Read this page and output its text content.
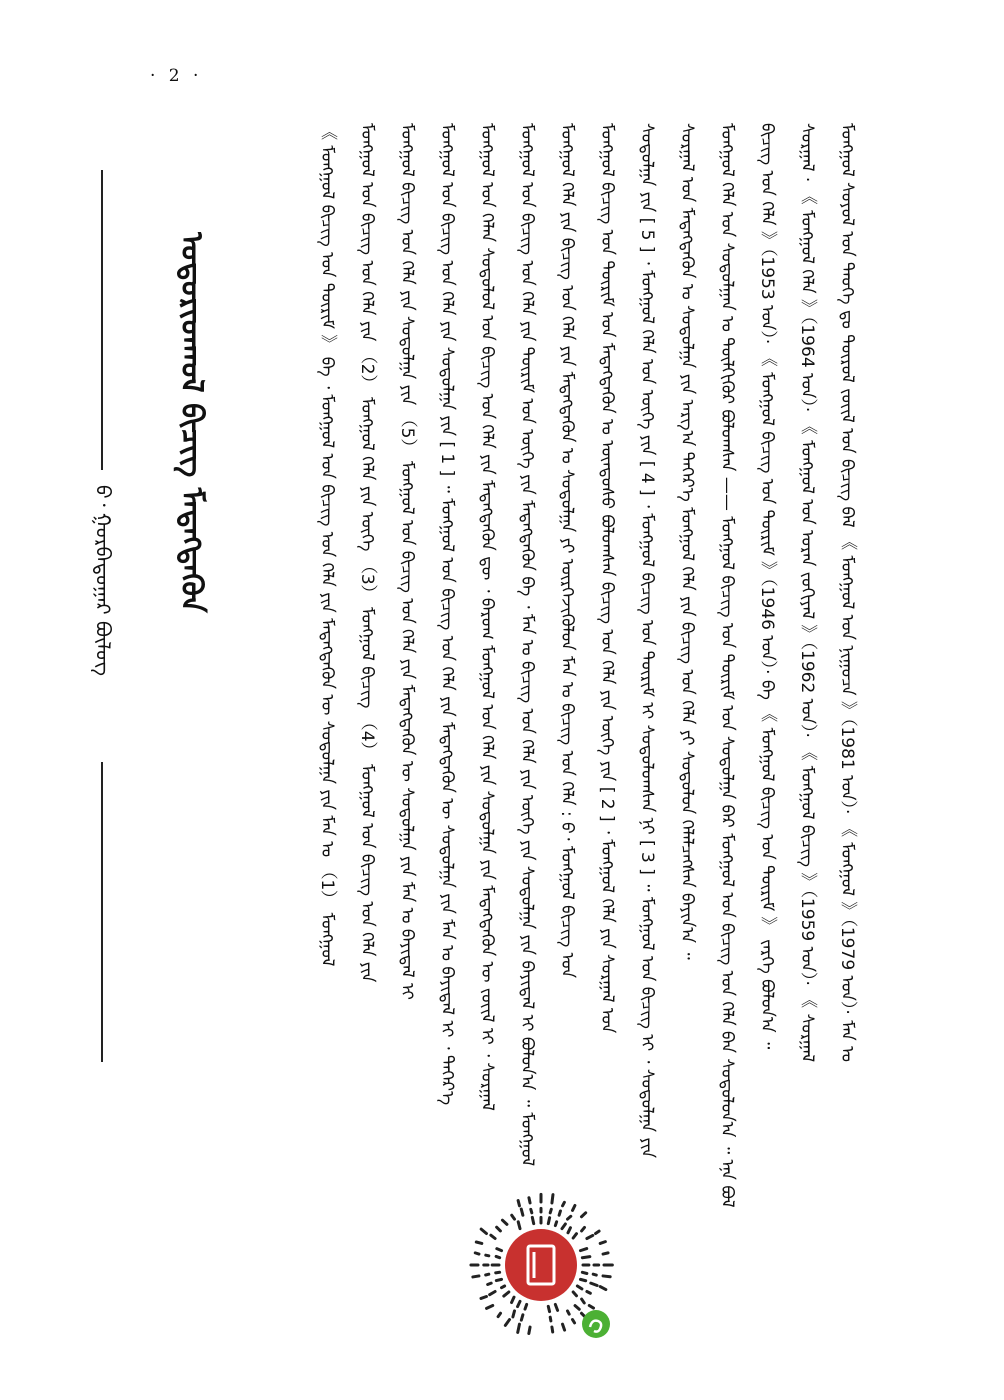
· 2 ·
ᠪ᠂ ᠭᠤᠷᠪᠠᠳᠤᠭᠠᠷ ᠪᠦᠯᠦᠭ	ᠤᠳᠤᠷᠢᠳᠬᠤᠯ ᠪᠢᠴᠢᠭ ᠮᠡᠳᠡᠭᠳᠡᠬᠦᠨ	《 ᠮᠣᠩᠭᠣᠯ ᠪᠢᠴᠢᠭ ᠤᠨ ᠳᠦᠷᠢᠮ 》 ᠪᠠ ᠂ ᠮᠣᠩᠭᠣᠯ ᠤᠨ ᠪᠢᠴᠢᠭ ᠤᠨ ᠬᠡᠯᠡ ᠶᠢᠨ ᠮᠡᠳᠡᠭᠳᠡᠬᠦᠨ ᠦ ᠰᠤᠳᠤᠯᠭᠠ ᠶᠢᠨ ᠮᠠᠨ ᠤ （1） ᠮᠣᠩᠭᠣᠯ ᠮᠣᠩᠭᠣᠯ ᠤᠨ ᠪᠢᠴᠢᠭ ᠤᠨ ᠬᠡᠯᠡ ᠶᠢᠨ （2） ᠮᠣᠩᠭᠣᠯ ᠬᠡᠯᠡ ᠶᠢᠨ ᠦᠭᠡ （3） ᠮᠣᠩᠭᠣᠯ ᠪᠢᠴᠢᠭ （4） ᠮᠣᠩᠭᠣᠯ ᠤᠨ ᠪᠢᠴᠢᠭ ᠤᠨ ᠬᠡᠯᠡ ᠶᠢᠨ ᠮᠣᠩᠭᠣᠯ ᠪᠢᠴᠢᠭ ᠤᠨ ᠬᠡᠯᠡ ᠶᠢᠨ ᠰᠤᠳᠤᠯᠭᠠ ᠶᠢᠨ （5） ᠮᠣᠩᠭᠣᠯ ᠤᠨ ᠪᠢᠴᠢᠭ ᠤᠨ ᠬᠡᠯᠡ ᠶᠢᠨ ᠮᠡᠳᠡᠭᠳᠡᠬᠦᠨ ᠦ ᠰᠤᠳᠤᠯᠭᠠ ᠶᠢᠨ ᠮᠠᠨ ᠤ ᠪᠠᠶᠢᠳᠠᠯ ᠢ ᠮᠣᠩᠭᠣᠯ ᠤᠨ ᠪᠢᠴᠢᠭ ᠤᠨ ᠬᠡᠯᠡ ᠶᠢᠨ ᠰᠤᠳᠤᠯᠭᠠ ᠶᠢᠨ [ 1 ] ᠃ ᠮᠣᠩᠭᠣᠯ ᠤᠨ ᠪᠢᠴᠢᠭ ᠤᠨ ᠬᠡᠯᠡ ᠶᠢᠨ ᠮᠡᠳᠡᠭᠳᠡᠬᠦᠨ ᠦ ᠰᠤᠳᠤᠯᠭᠠ ᠶᠢᠨ ᠮᠠᠨ ᠤ ᠪᠠᠶᠢᠳᠠᠯ ᠢ ᠂ ᠳᠡᠭᠡᠷ᠎ᠡ ᠮᠣᠩᠭᠣᠯ ᠤᠨ ᠬᠡᠯᠡᠨ ᠰᠤᠳᠤᠯᠤᠯ ᠤᠨ ᠪᠢᠴᠢᠭ ᠤᠨ ᠬᠡᠯᠡ ᠶᠢᠨ ᠮᠡᠳᠡᠭᠳᠡᠬᠦᠨ ᠳᠦ ᠂ ᠪᠠᠷᠤᠭ ᠮᠣᠩᠭᠣᠯ ᠤᠨ ᠬᠡᠯᠡ ᠶᠢᠨ ᠰᠤᠳᠤᠯᠭᠠ ᠶᠢᠨ ᠮᠡᠳᠡᠭᠳᠡᠬᠦᠨ ᠦ ᠵᠦᠢᠯ ᠢ ᠂ ᠰᠤᠷᠭᠠᠯ ᠮᠣᠩᠭᠣᠯ ᠤᠨ ᠪᠢᠴᠢᠭ ᠤᠨ ᠬᠡᠯᠡ ᠶᠢᠨ ᠳᠦᠷᠢᠮ ᠤᠨ ᠦᠭᠡ ᠶᠢᠨ ᠮᠡᠳᠡᠭᠳᠡᠬᠦᠨ ᠪᠠ ᠂ ᠮᠠᠨ ᠤ ᠪᠢᠴᠢᠭ ᠤᠨ ᠬᠡᠯᠡ ᠶᠢᠨ ᠦᠭᠡ ᠶᠢᠨ ᠰᠤᠳᠤᠯᠭᠠ ᠶᠢᠨ ᠪᠠᠶᠢᠳᠠᠯ ᠢ ᠪᠣᠯᠤᠨ᠎ᠠ ᠃ ᠮᠣᠩᠭᠣᠯ ᠮᠣᠩᠭᠣᠯ ᠬᠡᠯᠡ ᠶᠢᠨ ᠪᠢᠴᠢᠭ ᠤᠨ ᠬᠡᠯᠡ ᠶᠢᠨ ᠮᠡᠳᠡᠭᠳᠡᠬᠦᠨ ᠤ ᠰᠤᠳᠤᠯᠭᠠ ᠶᠢ ᠦᠷᠭᠡᠵᠢᠭᠦᠯᠦᠨ ᠮᠠᠨ ᠤ ᠪᠢᠴᠢᠭ ᠤᠨ ᠬᠡᠯᠡ : ᠪ᠂ ᠮᠣᠩᠭᠣᠯ ᠪᠢᠴᠢᠭ ᠤᠨ ᠮᠣᠩᠭᠣᠯ ᠪᠢᠴᠢᠭ ᠤᠨ ᠳᠦᠷᠢᠮ ᠤᠨ ᠮᠡᠳᠡᠭᠳᠡᠬᠦᠨ ᠤ ᠦᠨᠳᠦᠰᠦ ᠪᠣᠯᠤᠭᠰᠠᠨ ᠪᠢᠴᠢᠭ ᠤᠨ ᠬᠡᠯᠡ ᠶᠢᠨ ᠦᠭᠡ ᠶᠢᠨ [ 2 ] ᠂ ᠮᠣᠩᠭᠣᠯ ᠬᠡᠯᠡ ᠶᠢᠨ ᠰᠤᠷᠭᠠᠯ ᠤᠨ ᠰᠤᠳᠤᠯᠭᠠ ᠶᠢᠨ [ 5 ] ᠂ ᠮᠣᠩᠭᠣᠯ ᠬᠡᠯᠡ ᠤᠨ ᠦᠭᠡ ᠶᠢᠨ [ 4 ] ᠂ ᠮᠣᠩᠭᠣᠯ ᠪᠢᠴᠢᠭ ᠤᠨ ᠳᠦᠷᠢᠮ ᠢ ᠰᠤᠳᠤᠯᠤᠭᠰᠠᠨ ᠨᠢ [ 3 ] ᠃ ᠮᠣᠩᠭᠣᠯ ᠤᠨ ᠪᠢᠴᠢᠭ ᠢ ᠂ ᠰᠤᠳᠤᠯᠭᠠ ᠶᠢᠨ ᠰᠤᠷᠭᠠᠯ ᠤᠨ ᠮᠡᠳᠡᠭᠳᠡᠬᠦᠨ ᠤ ᠰᠤᠳᠤᠯᠭᠠ ᠶᠢᠨ ᠠᠷᠭ᠎ᠠ ᠳᠡᠭᠡᠷ᠎ᠡ ᠮᠣᠩᠭᠣᠯ ᠬᠡᠯᠡ ᠶᠢᠨ ᠪᠢᠴᠢᠭ ᠤᠨ ᠬᠡᠯᠡ ᠶᠢ ᠰᠤᠳᠤᠯᠤᠨ ᠬᠡᠯᠡᠯᠴᠡᠭᠰᠡᠨ ᠪᠠᠶᠢᠨ᠎ᠠ ᠃ ᠮᠣᠩᠭᠣᠯ ᠬᠡᠯᠡ ᠤᠨ ᠰᠤᠳᠤᠯᠭᠠᠨ ᠤ ᠲᠦᠯᠬᠢᠭᠦᠷ ᠪᠣᠯᠤᠭᠰᠠᠨ —— ᠮᠣᠩᠭᠣᠯ ᠪᠢᠴᠢᠭ ᠤᠨ ᠳᠦᠷᠢᠮ ᠤᠨ ᠰᠤᠳᠤᠯᠭᠠ ᠪᠡᠷ ᠮᠣᠩᠭᠣᠯ ᠤᠨ ᠪᠢᠴᠢᠭ ᠤᠨ ᠬᠡᠯᠡ ᠪᠡᠨ ᠰᠤᠳᠤᠯᠤᠨ᠎ᠠ ᠃ ᠡᠨᠡ ᠪᠤᠯ ᠪᠢᠴᠢᠭ ᠤᠨ ᠬᠡᠯᠡ 》（1953 ᠣᠨ）· 《 ᠮᠣᠩᠭᠣᠯ ᠪᠢᠴᠢᠭ ᠤᠨ ᠳᠦᠷᠢᠮ 》（1946 ᠣᠨ）· ᠪᠠ 《 ᠮᠣᠩᠭᠣᠯ ᠪᠢᠴᠢᠭ ᠤᠨ ᠳᠦᠷᠢᠮ 》 ᠵᠡᠷᠭᠡ ᠪᠣᠯᠤᠨ᠎ᠠ ᠃ ᠰᠤᠷᠭᠠᠯ · 《 ᠮᠣᠩᠭᠣᠯ ᠬᠡᠯᠡ 》（1964 ᠣᠨ）· 《 ᠮᠣᠩᠭᠣᠯ ᠤᠨ ᠤᠷᠠᠨ ᠵᠣᠬᠢᠶᠠᠯ 》（1962 ᠣᠨ）· 《 ᠮᠣᠩᠭᠣᠯ ᠪᠢᠴᠢᠭ 》（1959 ᠣᠨ）· 《 ᠰᠤᠷᠭᠠᠯ ᠮᠣᠩᠭᠣᠯ ᠰᠤᠶᠤᠯ ᠤᠨ ᠲᠡᠦᠬᠡ ᠳᠤ ᠲᠦᠷᠦᠯ ᠵᠦᠢᠯ ᠤᠨ ᠪᠢᠴᠢᠭ ᠪᠡᠯ 《 ᠮᠣᠩᠭᠣᠯ ᠤᠨ ᠨᠢᠭᠤᠴᠠ 》（1981 ᠣᠨ）· 《 ᠮᠣᠩᠭᠣᠯ 》（1979 ᠣᠨ）· ᠮᠠᠨ ᠤ
